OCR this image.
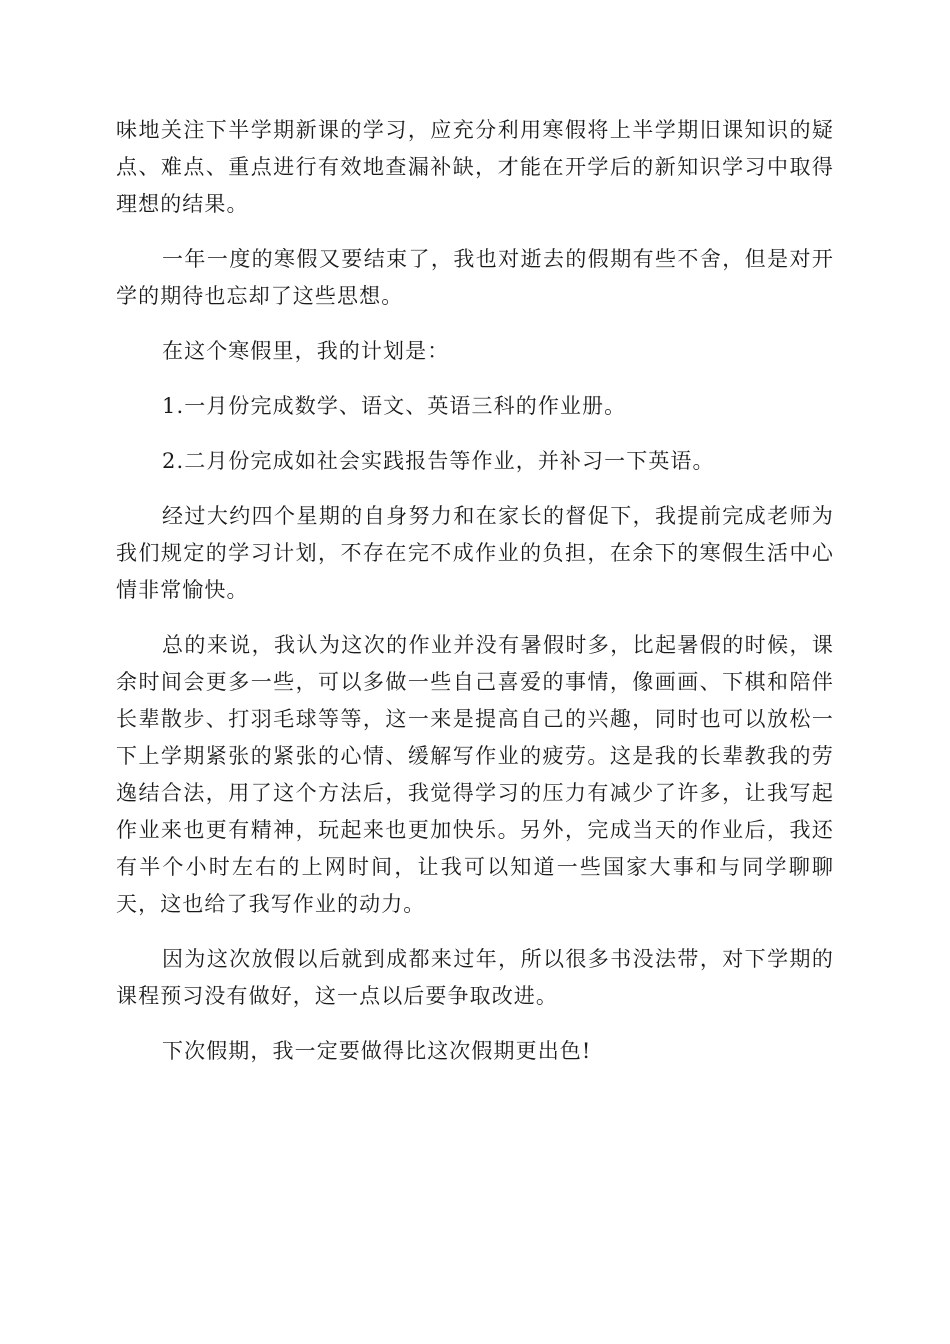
味地关注下半学期新课的学习，应充分利用寒假将上半学期旧课知识的疑点、难点、重点进行有效地查漏补缺，才能在开学后的新知识学习中取得理想的结果。

一年一度的寒假又要结束了，我也对逝去的假期有些不舍，但是对开学的期待也忘却了这些思想。

在这个寒假里，我的计划是：

1.一月份完成数学、语文、英语三科的作业册。

2.二月份完成如社会实践报告等作业，并补习一下英语。

经过大约四个星期的自身努力和在家长的督促下，我提前完成老师为我们规定的学习计划，不存在完不成作业的负担，在余下的寒假生活中心情非常愉快。

总的来说，我认为这次的作业并没有暑假时多，比起暑假的时候，课余时间会更多一些，可以多做一些自己喜爱的事情，像画画、下棋和陪伴长辈散步、打羽毛球等等，这一来是提高自己的兴趣，同时也可以放松一下上学期紧张的紧张的心情、缓解写作业的疲劳。这是我的长辈教我的劳逸结合法，用了这个方法后，我觉得学习的压力有减少了许多，让我写起作业来也更有精神，玩起来也更加快乐。另外，完成当天的作业后，我还有半个小时左右的上网时间，让我可以知道一些国家大事和与同学聊聊天，这也给了我写作业的动力。

因为这次放假以后就到成都来过年，所以很多书没法带，对下学期的课程预习没有做好，这一点以后要争取改进。

下次假期，我一定要做得比这次假期更出色!
